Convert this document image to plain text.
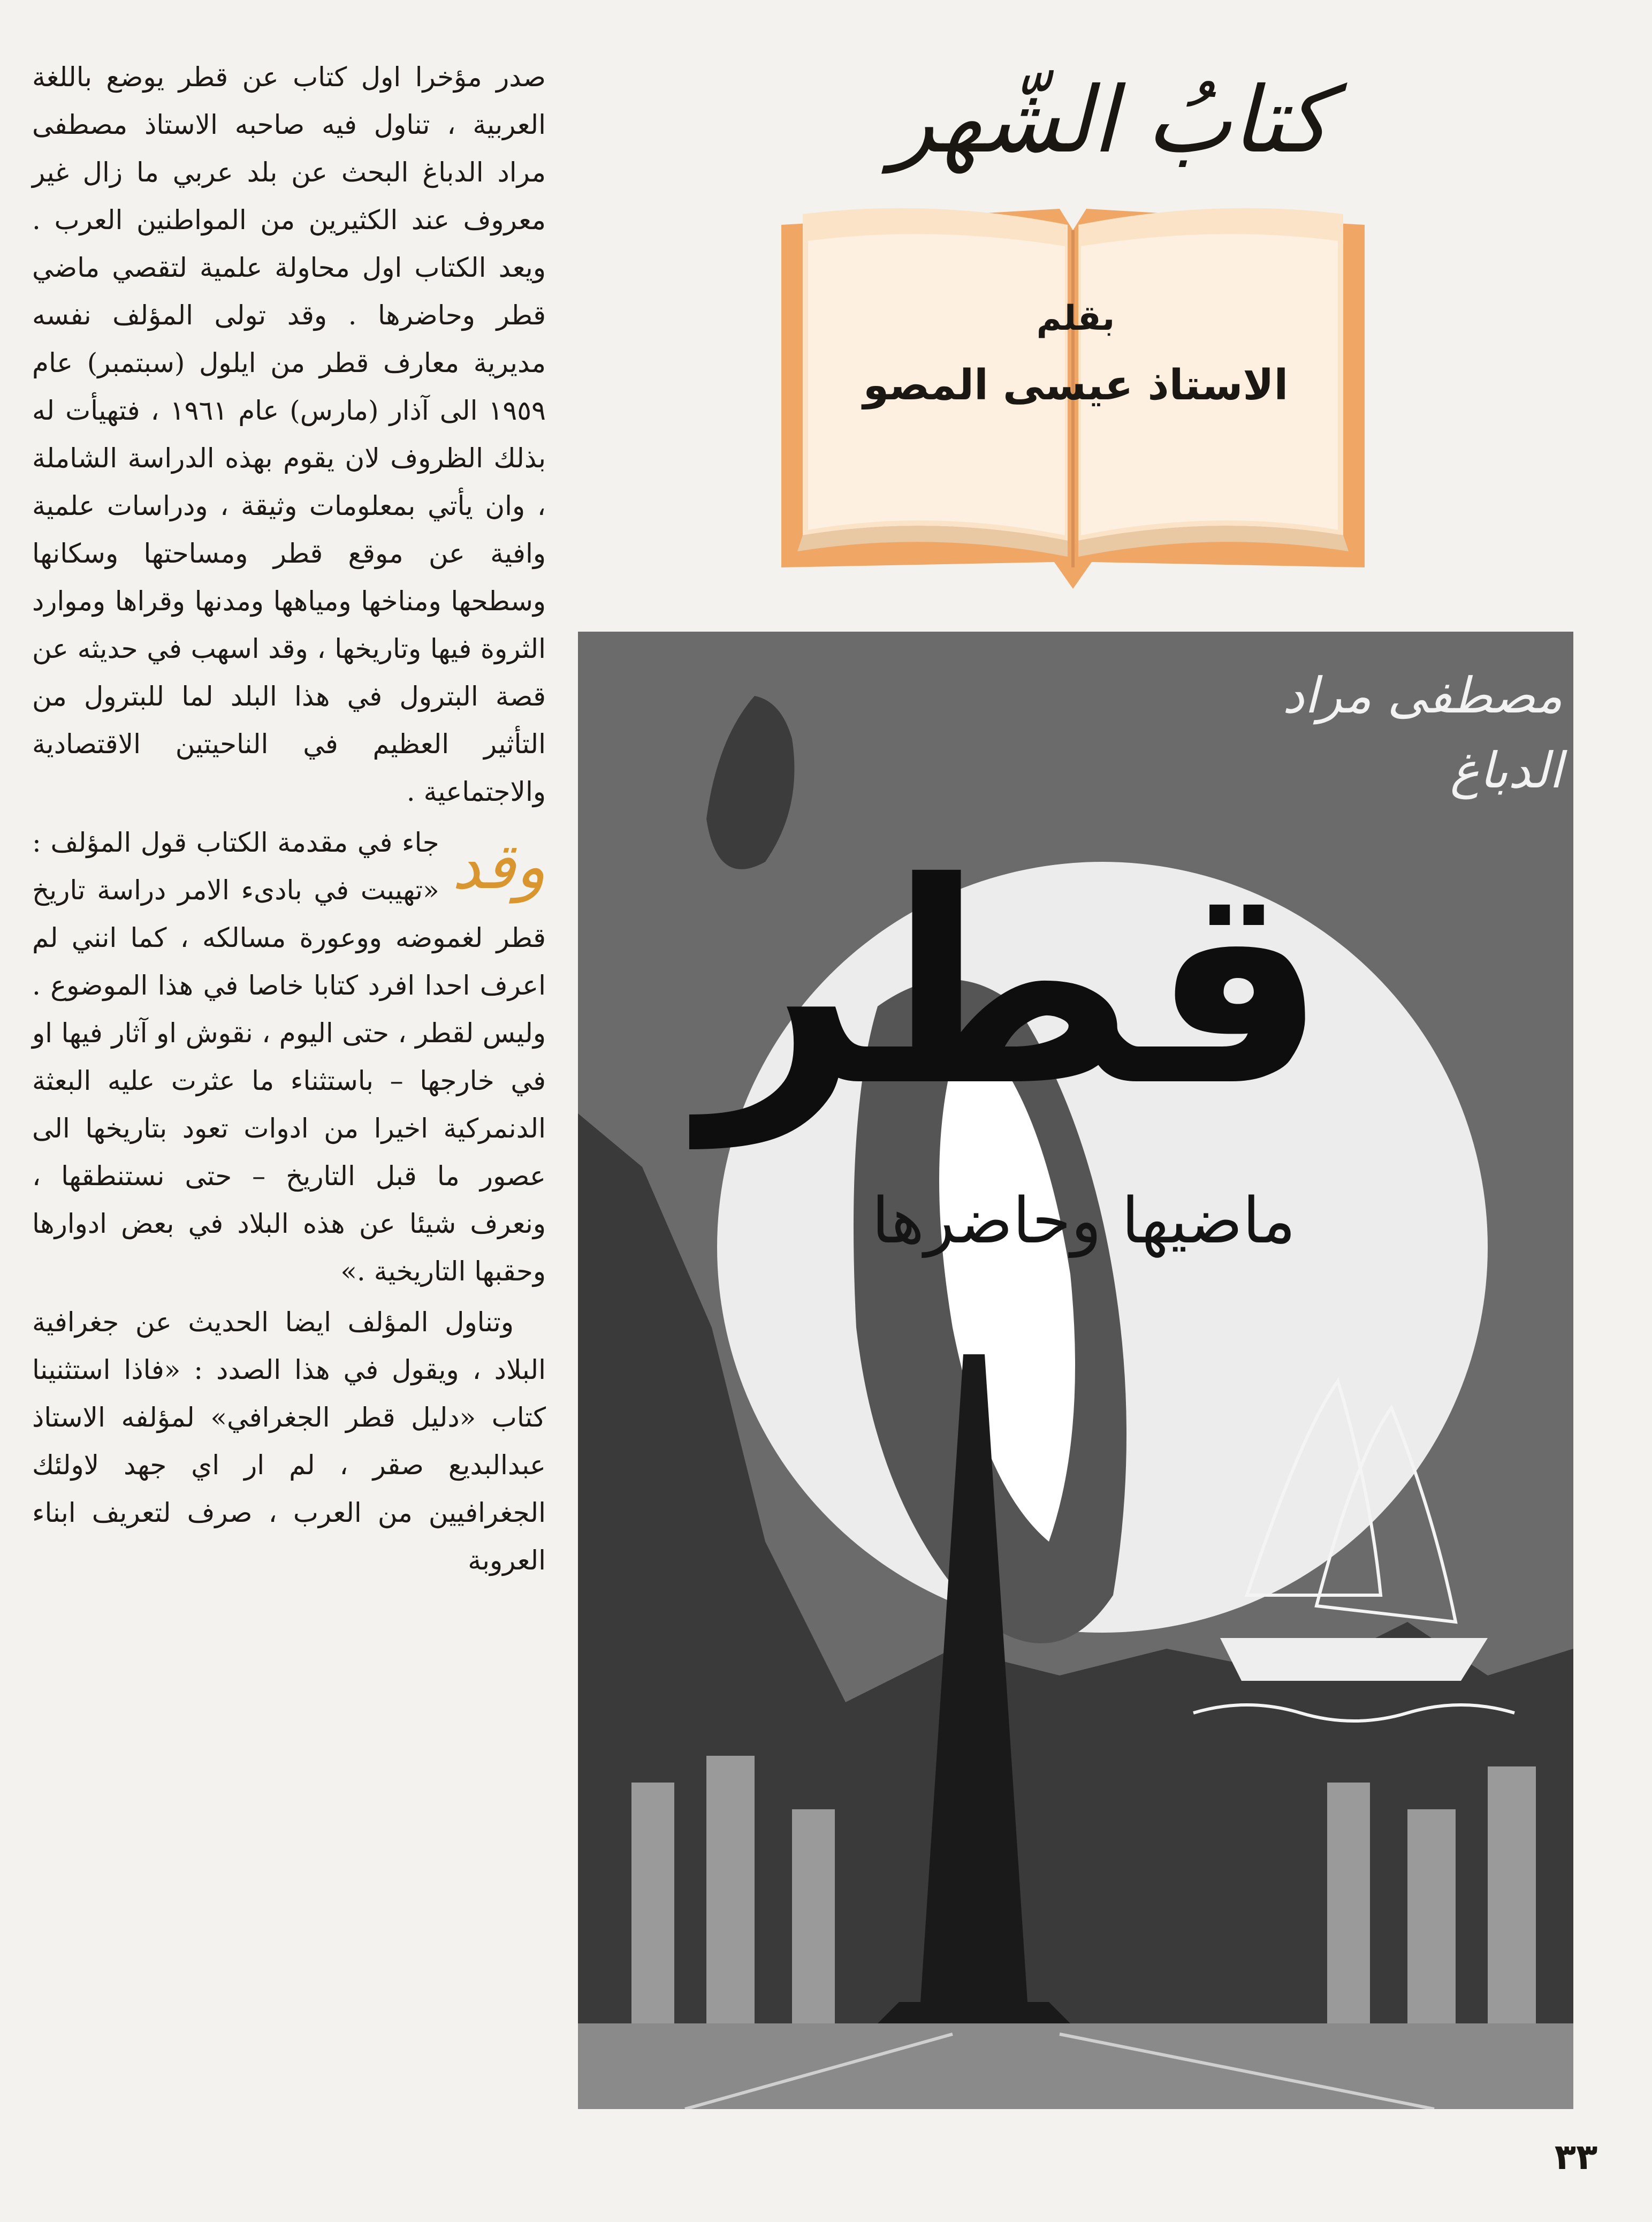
صدر مؤخرا اول كتاب عن قطر يوضع باللغة العربية ، تناول فيه صاحبه الاستاذ مصطفى مراد الدباغ البحث عن بلد عربي ما زال غير معروف عند الكثيرين من المواطنين العرب . ويعد الكتاب اول محاولة علمية لتقصي ماضي قطر وحاضرها . وقد تولى المؤلف نفسه مديرية معارف قطر من ايلول (سبتمبر) عام ١٩٥٩ الى آذار (مارس) عام ١٩٦١ ، فتهيأت له بذلك الظروف لان يقوم بهذه الدراسة الشاملة ، وان يأتي بمعلومات وثيقة ، ودراسات علمية وافية عن موقع قطر ومساحتها وسكانها وسطحها ومناخها ومياهها ومدنها وقراها وموارد الثروة فيها وتاريخها ، وقد اسهب في حديثه عن قصة البترول في هذا البلد لما للبترول من التأثير العظيم في الناحيتين الاقتصادية والاجتماعية .

وقد
جاء في مقدمة الكتاب قول المؤلف : «تهيبت في بادىء الامر دراسة تاريخ قطر لغموضه ووعورة مسالكه ، كما انني لم اعرف احدا افرد كتابا خاصا في هذا الموضوع . وليس لقطر ، حتى اليوم ، نقوش او آثار فيها او في خارجها – باستثناء ما عثرت عليه البعثة الدنمركية اخيرا من ادوات تعود بتاريخها الى عصور ما قبل التاريخ – حتى نستنطقها ، ونعرف شيئا عن هذه البلاد في بعض ادوارها وحقبها التاريخية .»

وتناول المؤلف ايضا الحديث عن جغرافية البلاد ، ويقول في هذا الصدد : «فاذا استثنينا كتاب «دليل قطر الجغرافي» لمؤلفه الاستاذ عبدالبديع صقر ، لم ار اي جهد لاولئك الجغرافيين من العرب ، صرف لتعريف ابناء العروبة

كتابُ الشّهر
بقلم
الاستاذ عيسى المصو
مصطفى مراد الدباغ
قطر
ماضيها وحاضرها
٣٣
